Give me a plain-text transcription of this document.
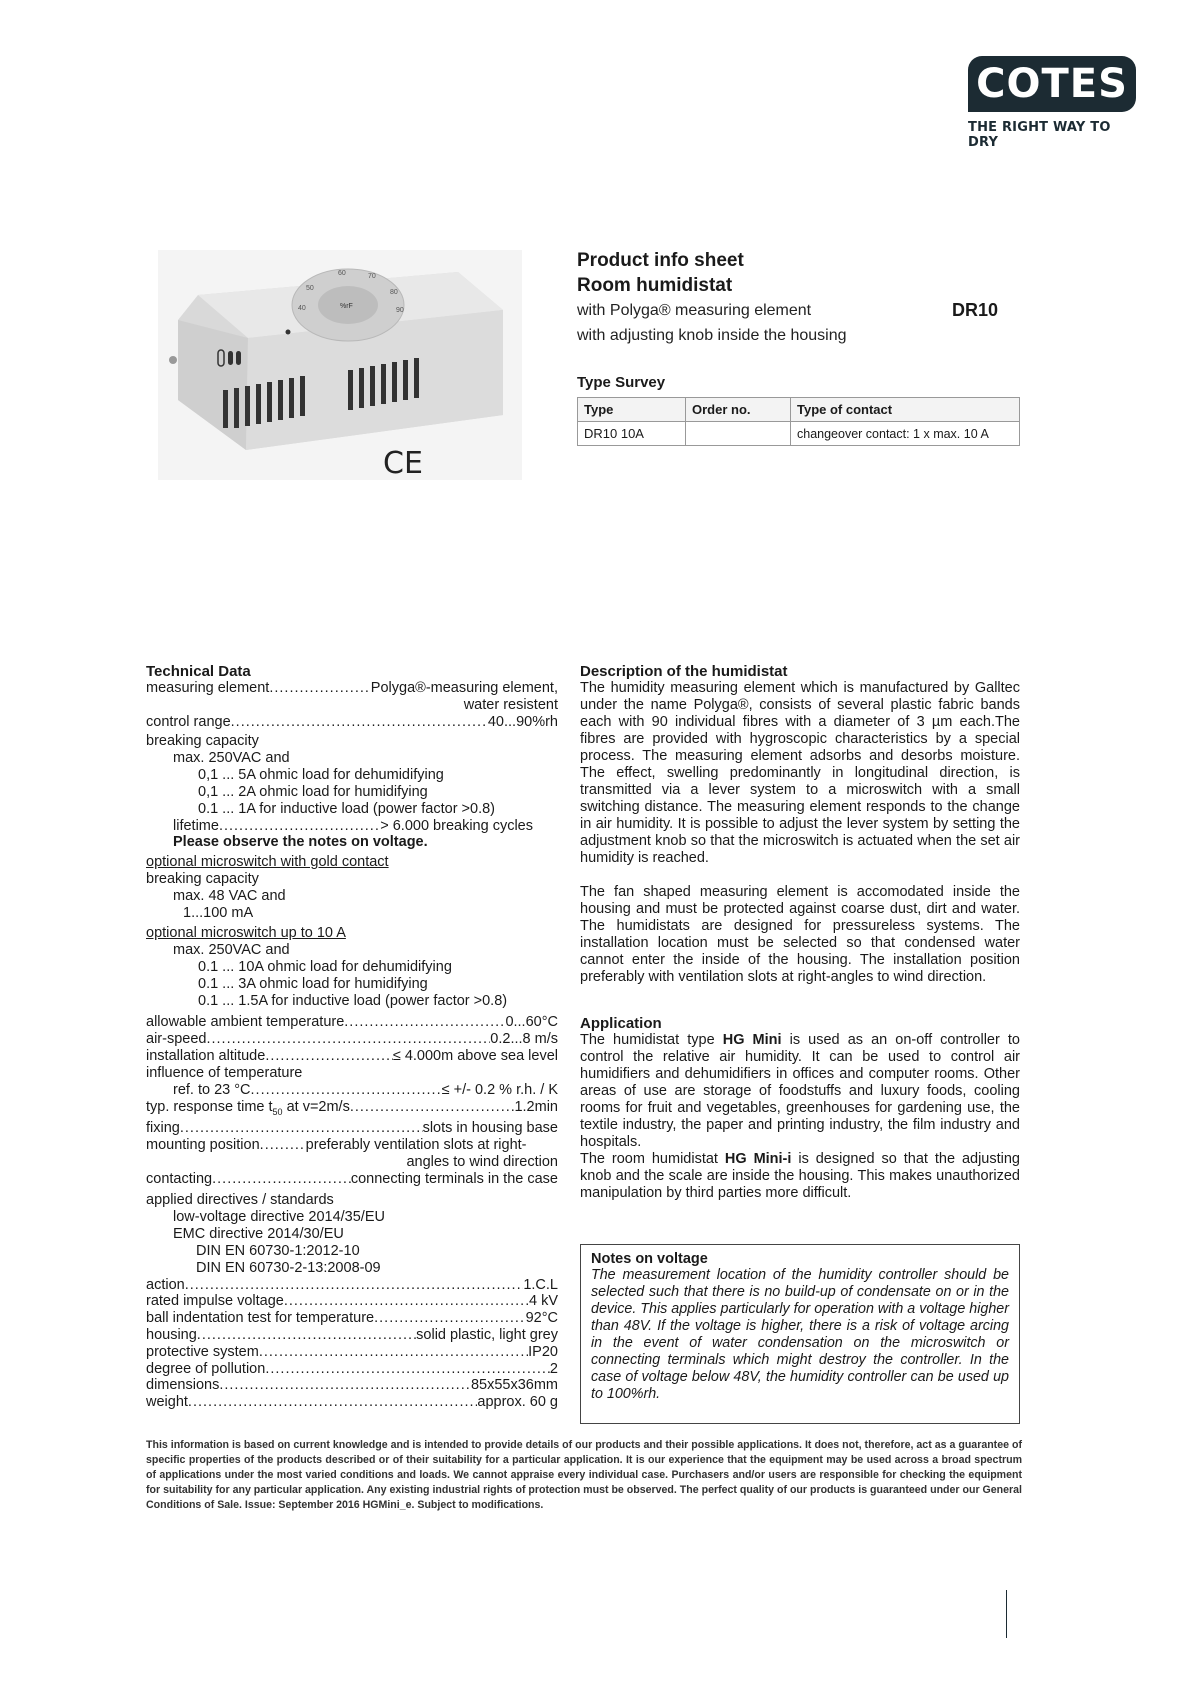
COTES
THE RIGHT WAY TO DRY
60
50
70
80
90
40	%rF
CE
Product info sheet
Room humidistat
with Polyga® measuring element
with adjusting knob inside the housing
DR10
Type Survey
Type	Order no.	Type of contact
DR10 10A		changeover contact: 1 x max. 10 A
Technical Data
measuring element .....	Polyga®-measuring element,
water resistent
control range .....	40...90%rh
breaking capacity
max. 250VAC and
0,1 ... 5A ohmic load for dehumidifying
0,1 ... 2A ohmic load for humidifying
0.1 ... 1A for inductive load (power factor >0.8)
lifetime .....	> 6.000 breaking cycles
Please observe the notes on voltage.
optional microswitch with gold contact
breaking capacity
max. 48 VAC and
1...100 mA
optional microswitch up to 10 A
max. 250VAC and
0.1 ... 10A ohmic load for dehumidifying
0.1 ... 3A ohmic load for humidifying
0.1 ... 1.5A for inductive load (power factor >0.8)
allowable ambient temperature .....	0...60°C
air-speed .....	0.2...8 m/s
installation altitude .....	≤ 4.000m above sea level
influence of temperature
ref. to 23 °C .....	≤ +/- 0.2 % r.h. / K
typ. response time $t_{50}$ at v=2m/s .....	1.2min
fixing .....	slots in housing base
mounting position .....	preferably ventilation slots at right-
angles to wind direction
contacting .....	connecting terminals in the case
applied directives / standards
low-voltage directive 2014/35/EU
EMC directive 2014/30/EU
DIN EN 60730-1:2012-10
DIN EN 60730-2-13:2008-09
action .....	1.C.L
rated impulse voltage .....	4 kV
ball indentation test for temperature .....	92°C
housing .....	solid plastic, light grey
protective system .....	IP20
degree of pollution .....	2
dimensions .....	85x55x36mm
weight .....	approx. 60 g
Description of the humidistat
The humidity measuring element which is manufactured by Galltec under the name Polyga®, consists of several plastic fabric bands each with 90 individual fibres with a diameter of 3 µm each.The fibres are provided with hygroscopic characteristics by a special process. The measuring element adsorbs and desorbs moisture. The effect, swelling predominantly in longitudinal direction, is transmitted via a lever system to a microswitch with a small switching distance. The measuring element responds to the change in air humidity. It is possible to adjust the lever system by setting the adjustment knob so that the microswitch is actuated when the set air humidity is reached.
The fan shaped measuring element is accomodated inside the housing and must be protected against coarse dust, dirt and water. The humidistats are designed for pressureless systems. The installation location must be selected so that condensed water cannot enter the inside of the housing. The installation position preferably with ventilation slots at right-angles to wind direction.
Application
The humidistat type HG Mini is used as an on-off controller to control the relative air humidity. It can be used to control air humidifiers and dehumidifiers in offices and computer rooms. Other areas of use are storage of foodstuffs and luxury foods, cooling rooms for fruit and vegetables, greenhouses for gardening use, the textile industry, the paper and printing industry, the film industry and hospitals.
The room humidistat HG Mini-i is designed so that the adjusting knob and the scale are inside the housing. This makes unauthorized manipulation by third parties more difficult.
Notes on voltage
The measurement location of the humidity controller should be selected such that there is no build-up of condensate on or in the device. This applies particularly for operation with a voltage higher than 48V. If the voltage is higher, there is a risk of voltage arcing in the event of water condensation on the microswitch or connecting terminals which might destroy the controller. In the case of voltage below 48V, the humidity controller can be used up to 100%rh.
This information is based on current knowledge and is intended to provide details of our products and their possible applications. It does not, therefore, act as a guarantee of specific properties of the products described or of their suitability for a particular application. It is our experience that the equipment may be used across a broad spectrum of applications under the most varied conditions and loads. We cannot appraise every individual case. Purchasers and/or users are responsible for checking the equipment for suitability for any particular application. Any existing industrial rights of protection must be observed. The perfect quality of our products is guaranteed under our General Conditions of Sale. Issue: September 2016 HGMini_e. Subject to modifications.
